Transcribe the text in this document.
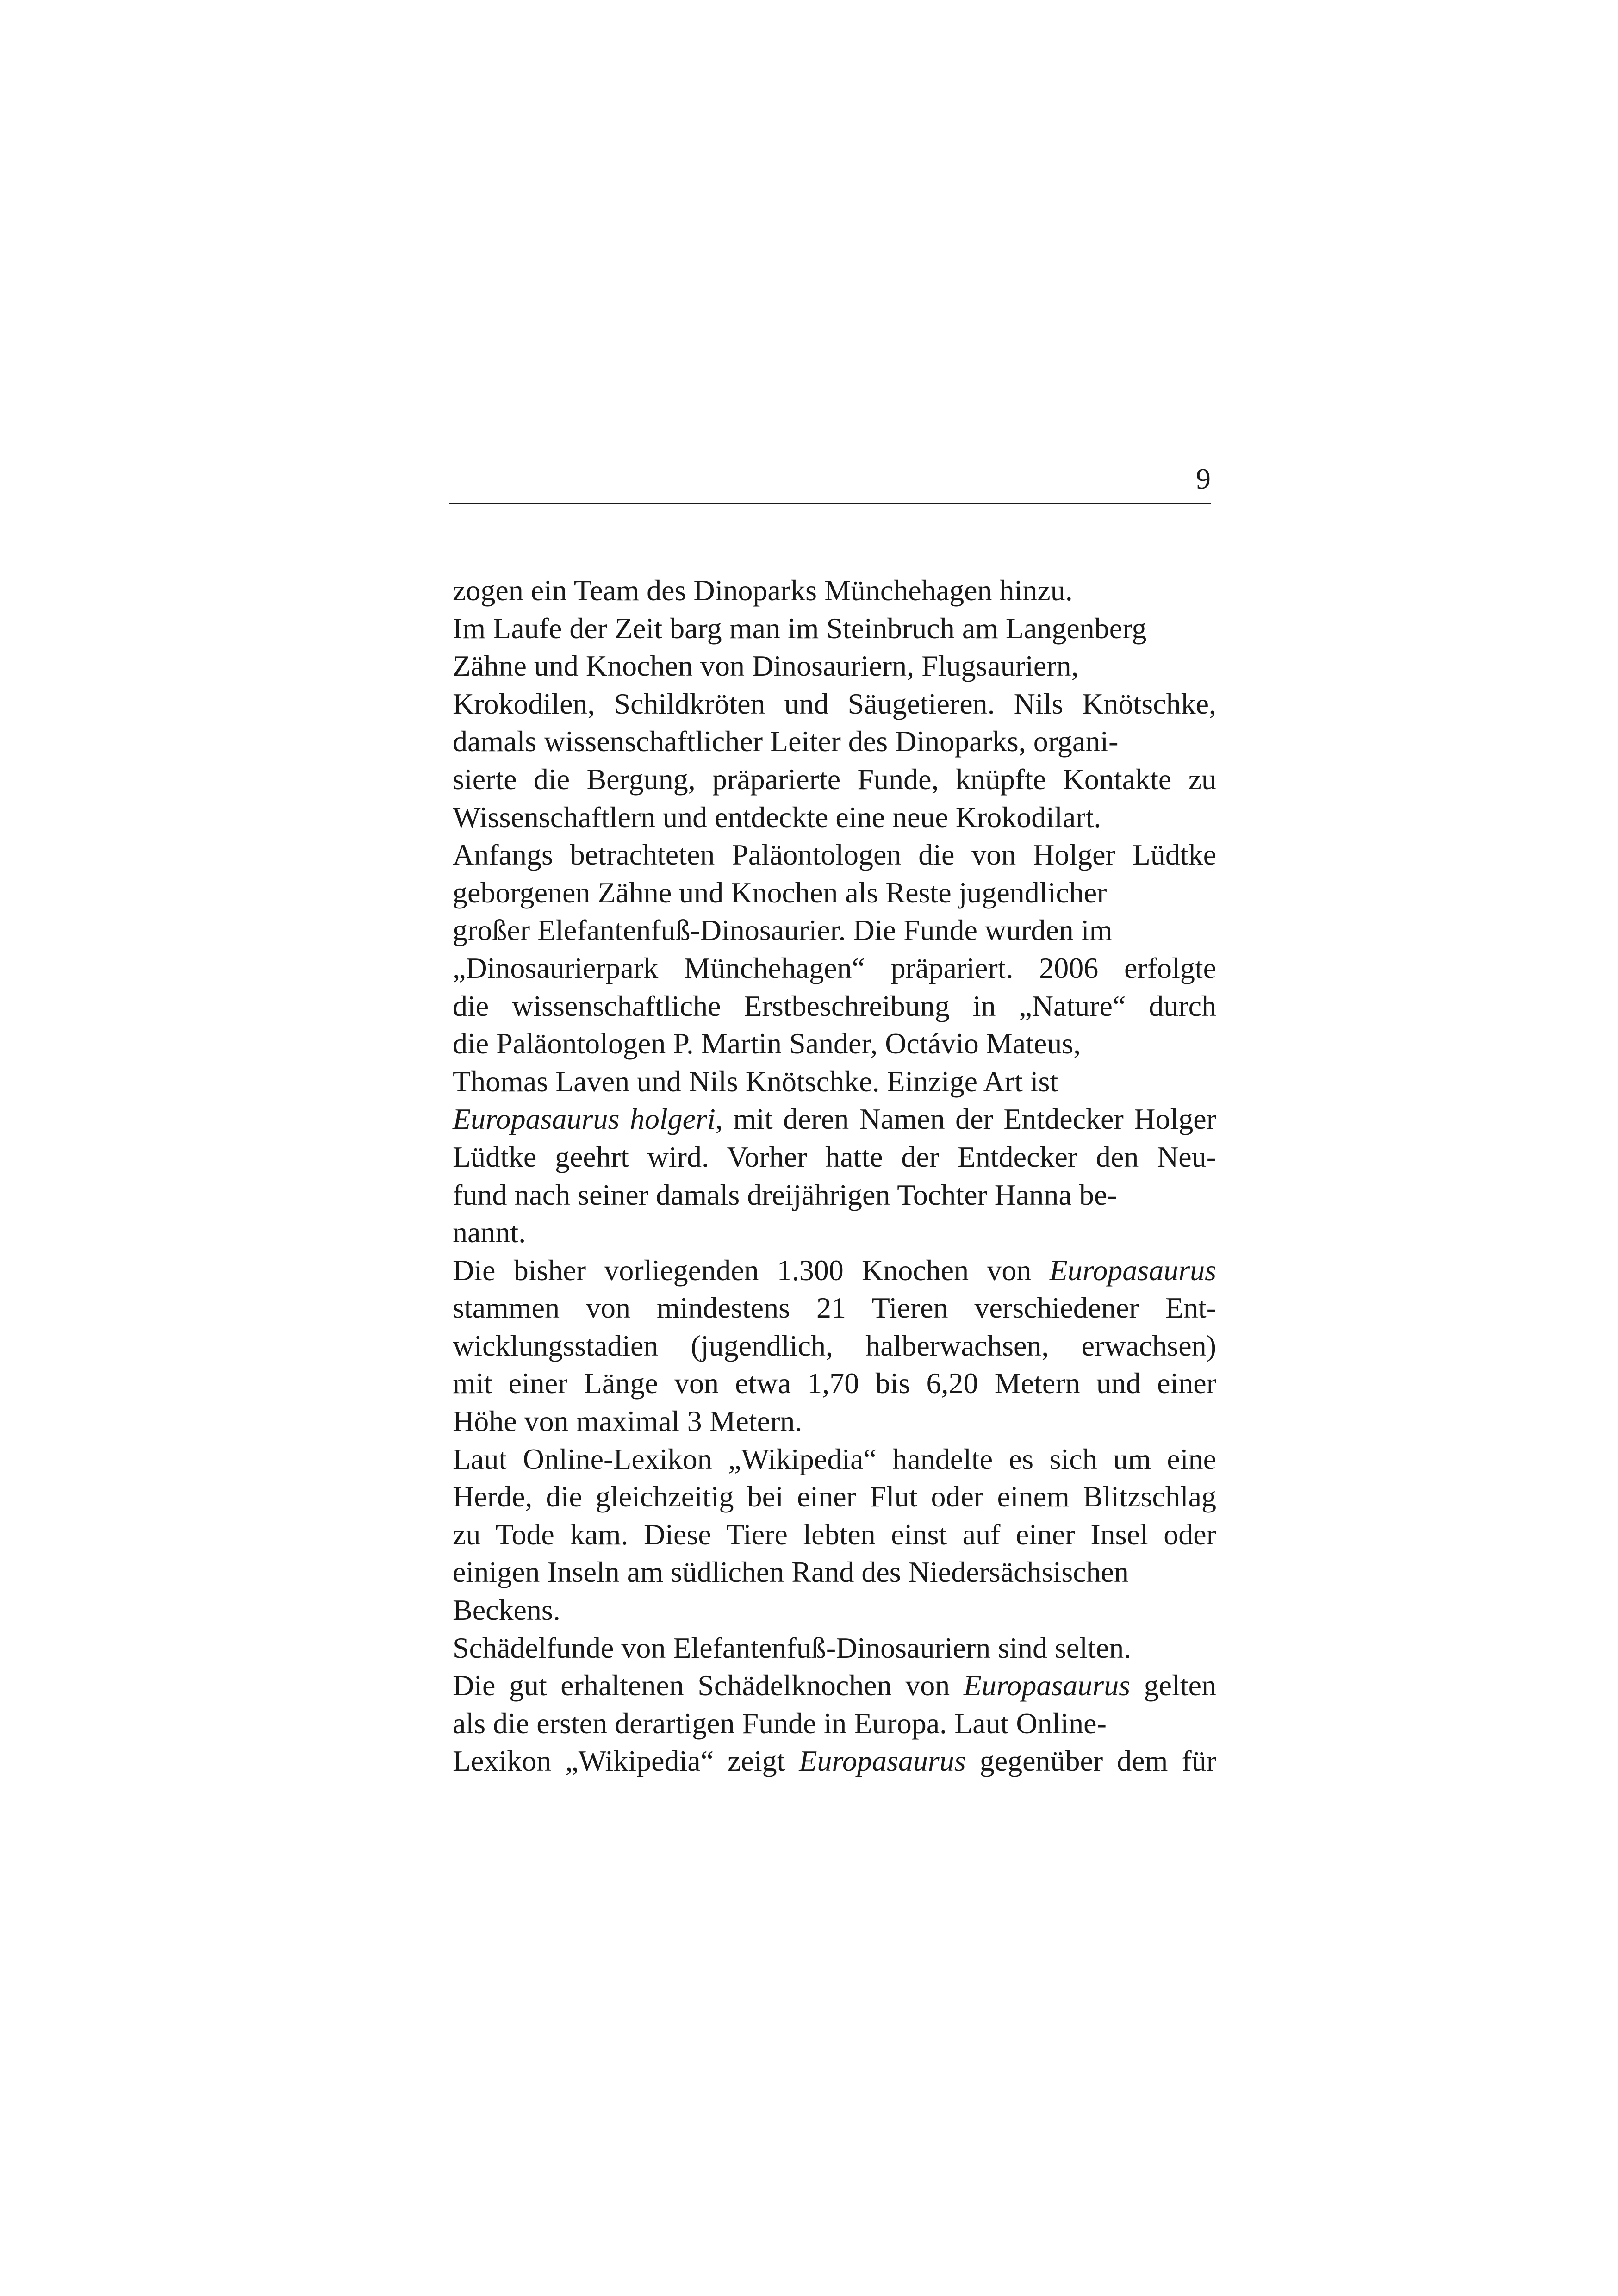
9
zogen ein Team des Dinoparks Münchehagen hinzu.
Im Laufe der Zeit barg man im Steinbruch am Langenberg
Zähne und Knochen von Dinosauriern, Flugsauriern,
Krokodilen, Schildkröten und Säugetieren. Nils Knötschke,
damals wissenschaftlicher Leiter des Dinoparks, organi-
sierte die Bergung, präparierte Funde, knüpfte Kontakte zu
Wissenschaftlern und entdeckte eine neue Krokodilart.
Anfangs betrachteten Paläontologen die von Holger Lüdtke
geborgenen Zähne und Knochen als Reste jugendlicher
großer Elefantenfuß-Dinosaurier. Die Funde wurden im
„Dinosaurierpark Münchehagen“ präpariert. 2006 erfolgte
die wissenschaftliche Erstbeschreibung in „Nature“ durch
die Paläontologen P. Martin Sander, Octávio Mateus,
Thomas Laven und Nils Knötschke. Einzige Art ist
Europasaurus holgeri, mit deren Namen der Entdecker Holger
Lüdtke geehrt wird. Vorher hatte der Entdecker den Neu-
fund nach seiner damals dreijährigen Tochter Hanna be-
nannt.
Die bisher vorliegenden 1.300 Knochen von Europasaurus
stammen von mindestens 21 Tieren verschiedener Ent-
wicklungsstadien (jugendlich, halberwachsen, erwachsen)
mit einer Länge von etwa 1,70 bis 6,20 Metern und einer
Höhe von maximal 3 Metern.
Laut Online-Lexikon „Wikipedia“ handelte es sich um eine
Herde, die gleichzeitig bei einer Flut oder einem Blitzschlag
zu Tode kam. Diese Tiere lebten einst auf einer Insel oder
einigen Inseln am südlichen Rand des Niedersächsischen
Beckens.
Schädelfunde von Elefantenfuß-Dinosauriern sind selten.
Die gut erhaltenen Schädelknochen von Europasaurus gelten
als die ersten derartigen Funde in Europa. Laut Online-
Lexikon „Wikipedia“ zeigt Europasaurus gegenüber dem für
